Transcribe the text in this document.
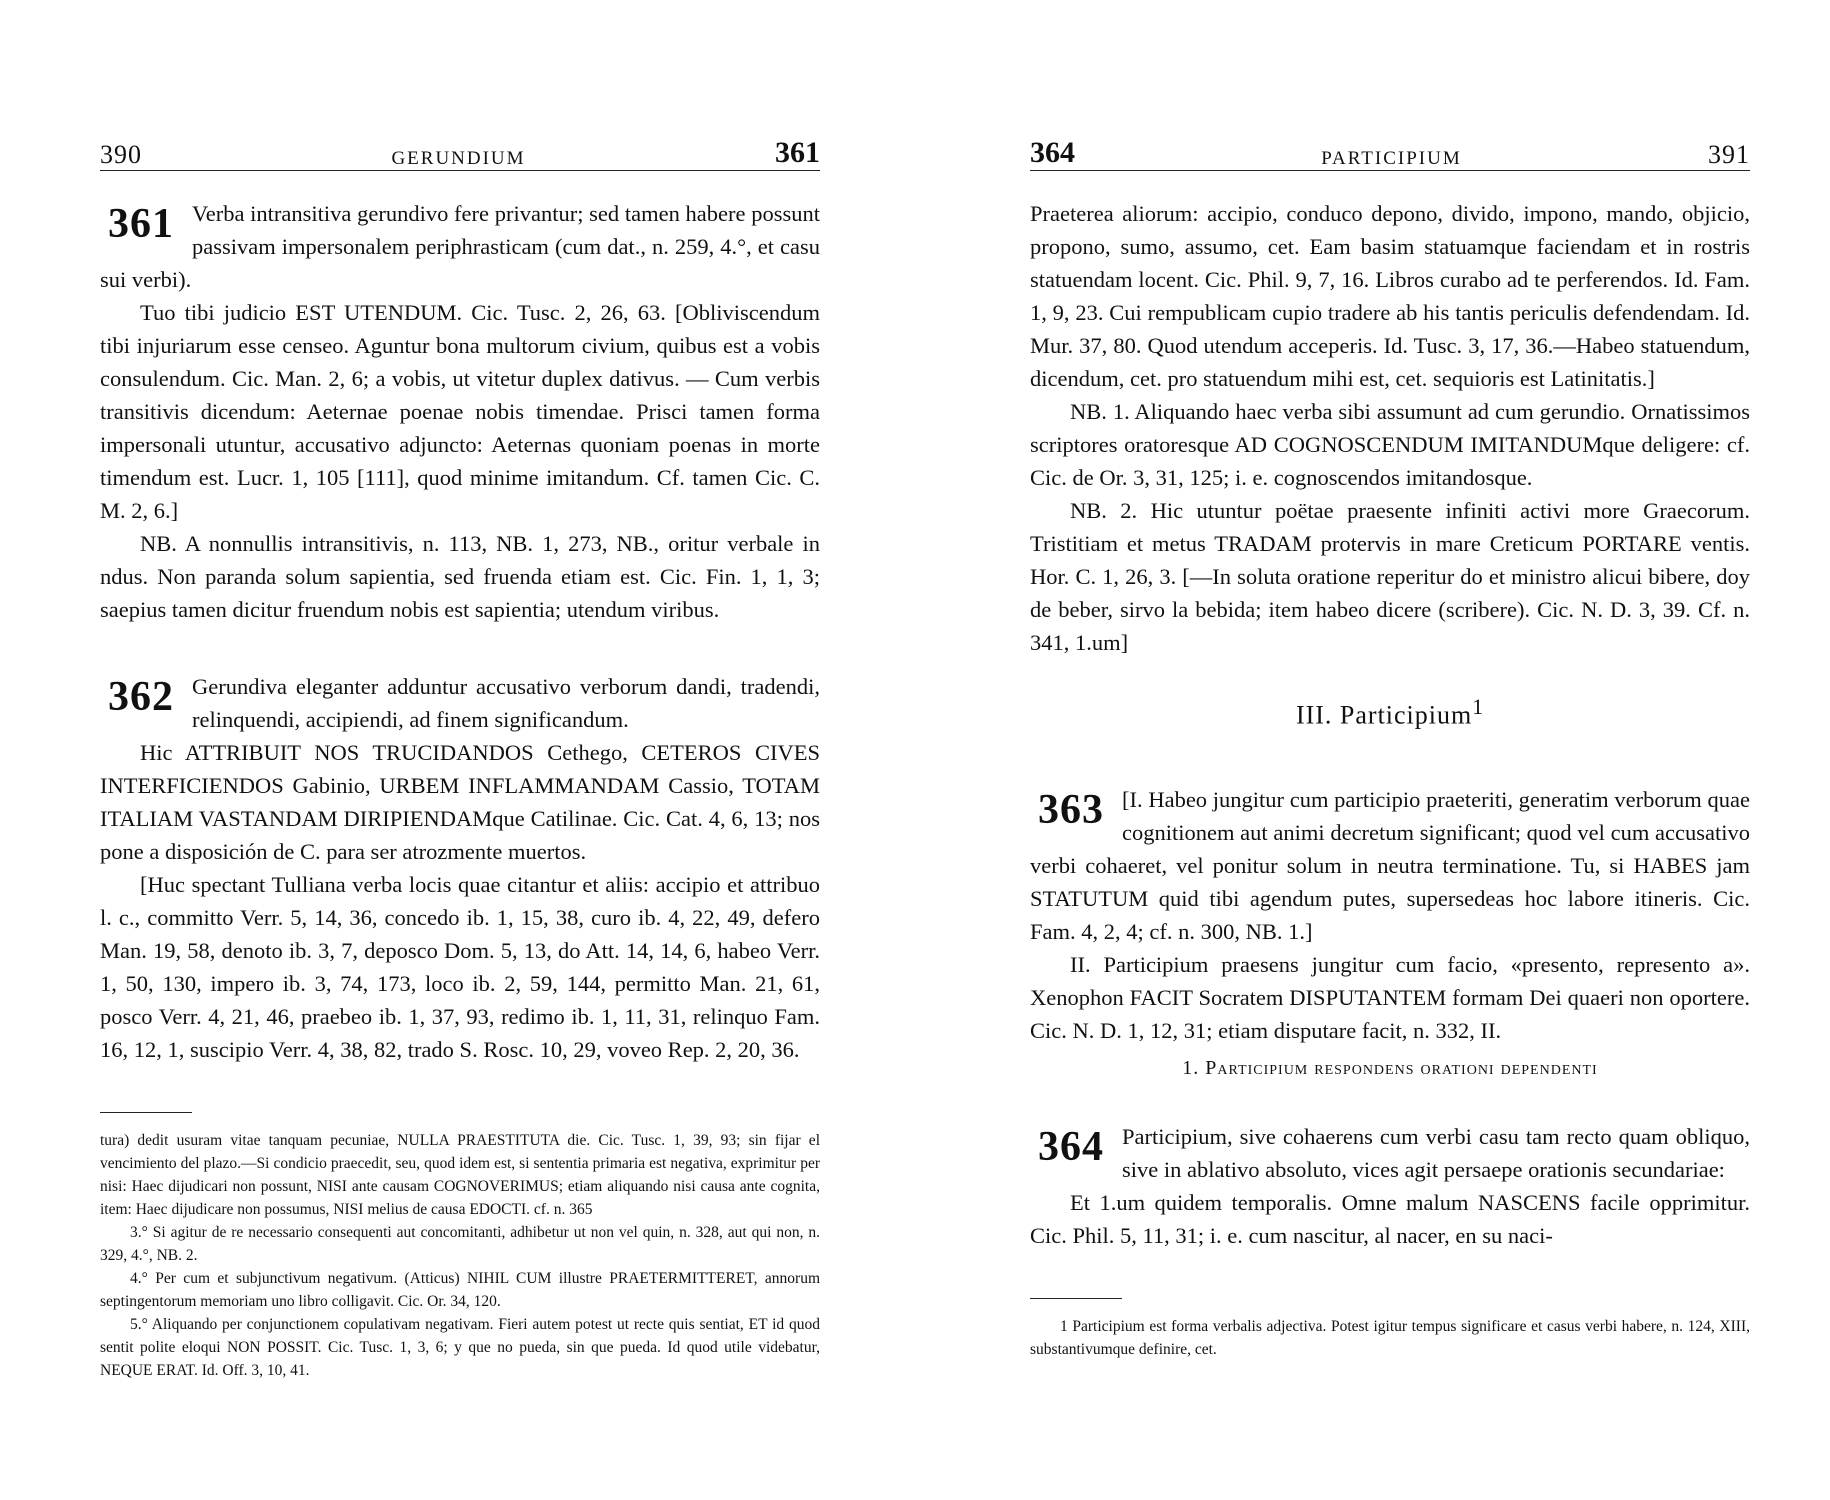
390	GERUNDIUM	361
361 Verba intransitiva gerundivo fere privantur; sed tamen habere possunt passivam impersonalem periphrasticam (cum dat., n. 259, 4.°, et casu sui verbi).

Tuo tibi judicio EST UTENDUM. Cic. Tusc. 2, 26, 63. [Obliviscendum tibi injuriarum esse censeo. Aguntur bona multorum civium, quibus est a vobis consulendum. Cic. Man. 2, 6; a vobis, ut vitetur duplex dativus. — Cum verbis transitivis dicendum: Aeternae poenae nobis timendae. Prisci tamen forma impersonali utuntur, accusativo adjuncto: Aeternas quoniam poenas in morte timendum est. Lucr. 1, 105 [111], quod minime imitandum. Cf. tamen Cic. C. M. 2, 6.]

NB. A nonnullis intransitivis, n. 113, NB. 1, 273, NB., oritur verbale in ndus. Non paranda solum sapientia, sed fruenda etiam est. Cic. Fin. 1, 1, 3; saepius tamen dicitur fruendum nobis est sapientia; utendum viribus.

362 Gerundiva eleganter adduntur accusativo verborum dandi, tradendi, relinquendi, accipiendi, ad finem significandum.

Hic ATTRIBUIT NOS TRUCIDANDOS Cethego, CETEROS CIVES INTERFICIENDOS Gabinio, URBEM INFLAMMANDAM Cassio, TOTAM ITALIAM VASTANDAM DIRIPIENDAMque Catilinae. Cic. Cat. 4, 6, 13; nos pone a disposición de C. para ser atrozmente muertos.

[Huc spectant Tulliana verba locis quae citantur et aliis: accipio et attribuo l. c., committo Verr. 5, 14, 36, concedo ib. 1, 15, 38, curo ib. 4, 22, 49, defero Man. 19, 58, denoto ib. 3, 7, deposco Dom. 5, 13, do Att. 14, 14, 6, habeo Verr. 1, 50, 130, impero ib. 3, 74, 173, loco ib. 2, 59, 144, permitto Man. 21, 61, posco Verr. 4, 21, 46, praebeo ib. 1, 37, 93, redimo ib. 1, 11, 31, relinquo Fam. 16, 12, 1, suscipio Verr. 4, 38, 82, trado S. Rosc. 10, 29, voveo Rep. 2, 20, 36.

tura) dedit usuram vitae tanquam pecuniae, NULLA PRAESTITUTA die. Cic. Tusc. 1, 39, 93; sin fijar el vencimiento del plazo.—Si condicio praecedit, seu, quod idem est, si sententia primaria est negativa, exprimitur per nisi: Haec dijudicari non possunt, NISI ante causam COGNOVERIMUS; etiam aliquando nisi causa ante cognita, item: Haec dijudicare non possumus, NISI melius de causa EDOCTI. cf. n. 365

3.° Si agitur de re necessario consequenti aut concomitanti, adhibetur ut non vel quin, n. 328, aut qui non, n. 329, 4.°, NB. 2.

4.° Per cum et subjunctivum negativum. (Atticus) NIHIL CUM illustre PRAETERMITTERET, annorum septingentorum memoriam uno libro colligavit. Cic. Or. 34, 120.

5.° Aliquando per conjunctionem copulativam negativam. Fieri autem potest ut recte quis sentiat, ET id quod sentit polite eloqui NON POSSIT. Cic. Tusc. 1, 3, 6; y que no pueda, sin que pueda. Id quod utile videbatur, NEQUE ERAT. Id. Off. 3, 10, 41.

364	PARTICIPIUM	391

Praeterea aliorum: accipio, conduco depono, divido, impono, mando, objicio, propono, sumo, assumo, cet. Eam basim statuamque faciendam et in rostris statuendam locent. Cic. Phil. 9, 7, 16. Libros curabo ad te perferendos. Id. Fam. 1, 9, 23. Cui rempublicam cupio tradere ab his tantis periculis defendendam. Id. Mur. 37, 80. Quod utendum acceperis. Id. Tusc. 3, 17, 36.—Habeo statuendum, dicendum, cet. pro statuendum mihi est, cet. sequioris est Latinitatis.]

NB. 1. Aliquando haec verba sibi assumunt ad cum gerundio. Ornatissimos scriptores oratoresque AD COGNOSCENDUM IMITANDUMque deligere: cf. Cic. de Or. 3, 31, 125; i. e. cognoscendos imitandosque.

NB. 2. Hic utuntur poëtae praesente infiniti activi more Graecorum. Tristitiam et metus TRADAM protervis in mare Creticum PORTARE ventis. Hor. C. 1, 26, 3. [—In soluta oratione reperitur do et ministro alicui bibere, doy de beber, sirvo la bebida; item habeo dicere (scribere). Cic. N. D. 3, 39. Cf. n. 341, 1.um]

III. Participium$^1$
363 [I. Habeo jungitur cum participio praeteriti, generatim verborum quae cognitionem aut animi decretum significant; quod vel cum accusativo verbi cohaeret, vel ponitur solum in neutra terminatione. Tu, si HABES jam STATUTUM quid tibi agendum putes, supersedeas hoc labore itineris. Cic. Fam. 4, 2, 4; cf. n. 300, NB. 1.]

II. Participium praesens jungitur cum facio, «presento, represento a». Xenophon FACIT Socratem DISPUTANTEM formam Dei quaeri non oportere. Cic. N. D. 1, 12, 31; etiam disputare facit, n. 332, II.

1. Participium respondens orationi dependenti
364 Participium, sive cohaerens cum verbi casu tam recto quam obliquo, sive in ablativo absoluto, vices agit persaepe orationis secundariae:

Et 1.um quidem temporalis. Omne malum NASCENS facile opprimitur. Cic. Phil. 5, 11, 31; i. e. cum nascitur, al nacer, en su naci-

1 Participium est forma verbalis adjectiva. Potest igitur tempus significare et casus verbi habere, n. 124, XIII, substantivumque definire, cet.
